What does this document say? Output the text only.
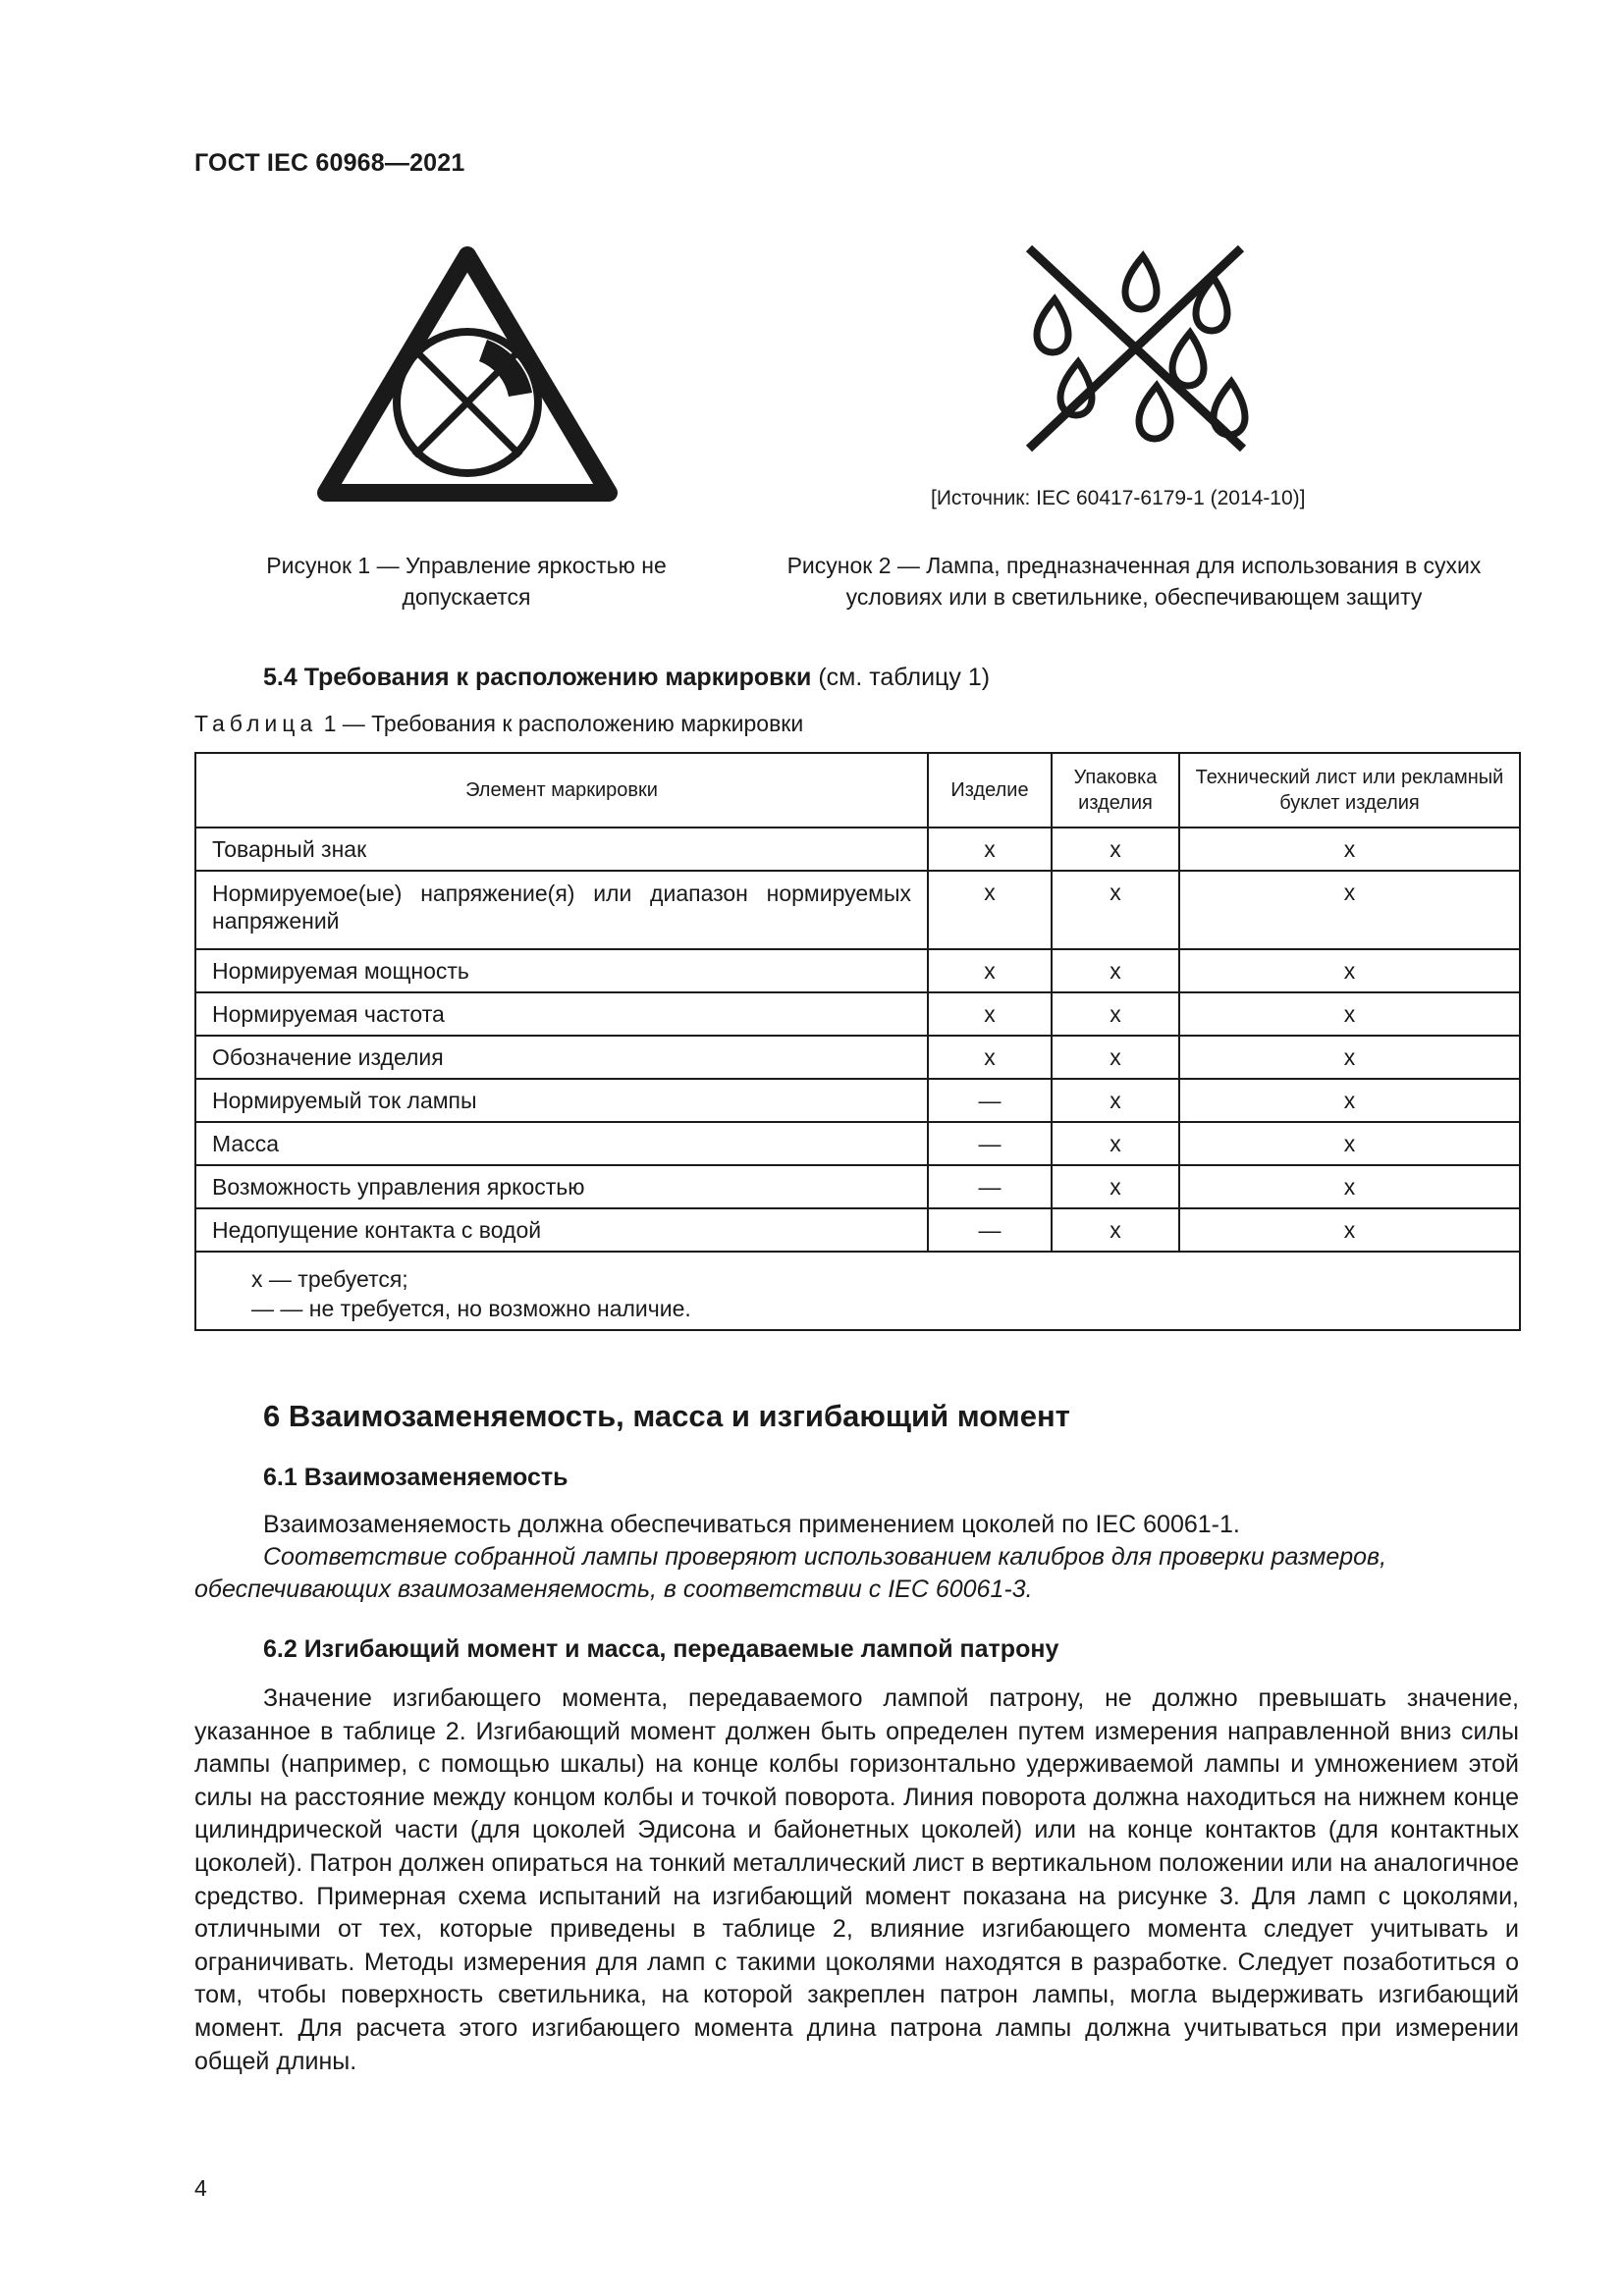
ГОСТ IEC 60968—2021
[Источник: IEC 60417-6179-1 (2014-10)]
Рисунок 1 — Управление яркостью не допускается
Рисунок 2 — Лампа, предназначенная для использования в сухих условиях или в светильнике, обеспечивающем защиту
5.4 Требования к расположению маркировки (см. таблицу 1)
Таблица 1 — Требования к расположению маркировки
Элемент маркировки	Изделие	Упаковка изделия	Технический лист или рекламный буклет изделия
Товарный знак	x	x	x
Нормируемое(ые) напряжение(я) или диапазон нормируемых напряжений	x	x	x
Нормируемая мощность	x	x	x
Нормируемая частота	x	x	x
Обозначение изделия	x	x	x
Нормируемый ток лампы	—	x	x
Масса	—	x	x
Возможность управления яркостью	—	x	x
Недопущение контакта с водой	—	x	x

x — требуется;
— — не требуется, но возможно наличие.			
6 Взаимозаменяемость, масса и изгибающий момент
6.1 Взаимозаменяемость
Взаимозаменяемость должна обеспечиваться применением цоколей по IEC 60061-1.
Соответствие собранной лампы проверяют использованием калибров для проверки размеров, обеспечивающих взаимозаменяемость, в соответствии с IEC 60061-3.
6.2 Изгибающий момент и масса, передаваемые лампой патрону
Значение изгибающего момента, передаваемого лампой патрону, не должно превышать значение, указанное в таблице 2. Изгибающий момент должен быть определен путем измерения направленной вниз силы лампы (например, с помощью шкалы) на конце колбы горизонтально удерживаемой лампы и умножением этой силы на расстояние между концом колбы и точкой поворота. Линия поворота должна находиться на нижнем конце цилиндрической части (для цоколей Эдисона и байонетных цоколей) или на конце контактов (для контактных цоколей). Патрон должен опираться на тонкий металлический лист в вертикальном положении или на аналогичное средство. Примерная схема испытаний на изгибающий момент показана на рисунке 3. Для ламп с цоколями, отличными от тех, которые приведены в таблице 2, влияние изгибающего момента следует учитывать и ограничивать. Методы измерения для ламп с такими цоколями находятся в разработке. Следует позаботиться о том, чтобы поверхность светильника, на которой закреплен патрон лампы, могла выдерживать изгибающий момент. Для расчета этого изгибающего момента длина патрона лампы должна учитываться при измерении общей длины.
4
